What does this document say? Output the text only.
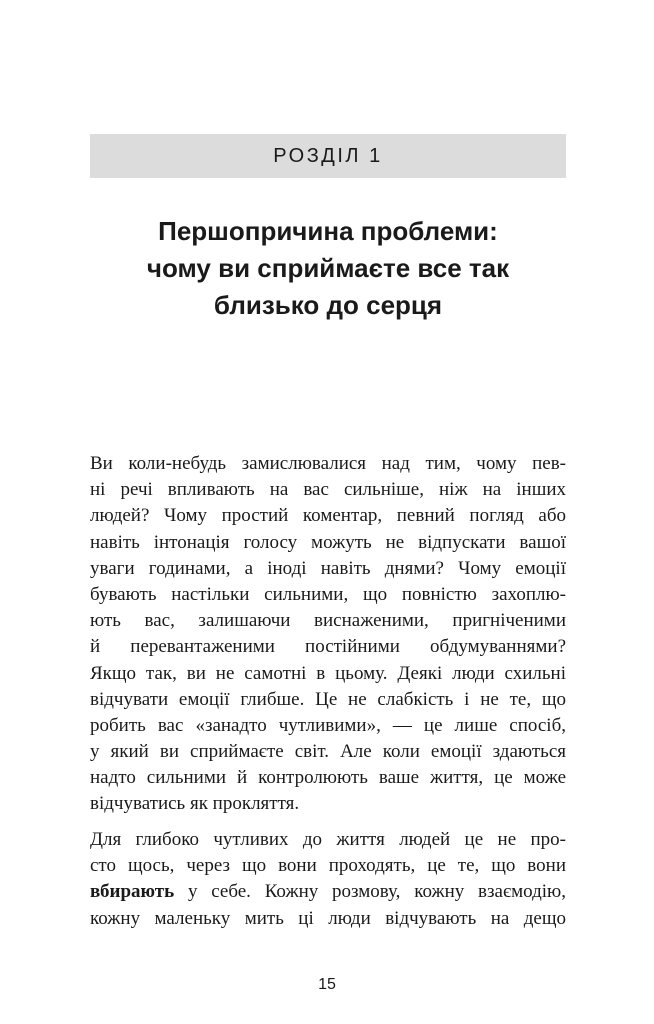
РОЗДІЛ 1
Першопричина проблеми:
чому ви сприймаєте все так
близько до серця
Ви коли-небудь замислювалися над тим, чому пев-
ні речі впливають на вас сильніше, ніж на інших
людей? Чому простий коментар, певний погляд або
навіть інтонація голосу можуть не відпускати вашої
уваги годинами, а іноді навіть днями? Чому емоції
бувають настільки сильними, що повністю захоплю-
ють вас, залишаючи виснаженими, пригніченими
й перевантаженими постійними обдумуваннями?
Якщо так, ви не самотні в цьому. Деякі люди схильні
відчувати емоції глибше. Це не слабкість і не те, що
робить вас «занадто чутливими», — це лише спосіб,
у який ви сприймаєте світ. Але коли емоції здаються
надто сильними й контролюють ваше життя, це може
відчуватись як прокляття.
Для глибоко чутливих до життя людей це не про-
сто щось, через що вони проходять, це те, що вони
вбирають у себе. Кожну розмову, кожну взаємодію,
кожну маленьку мить ці люди відчувають на дещо
15
